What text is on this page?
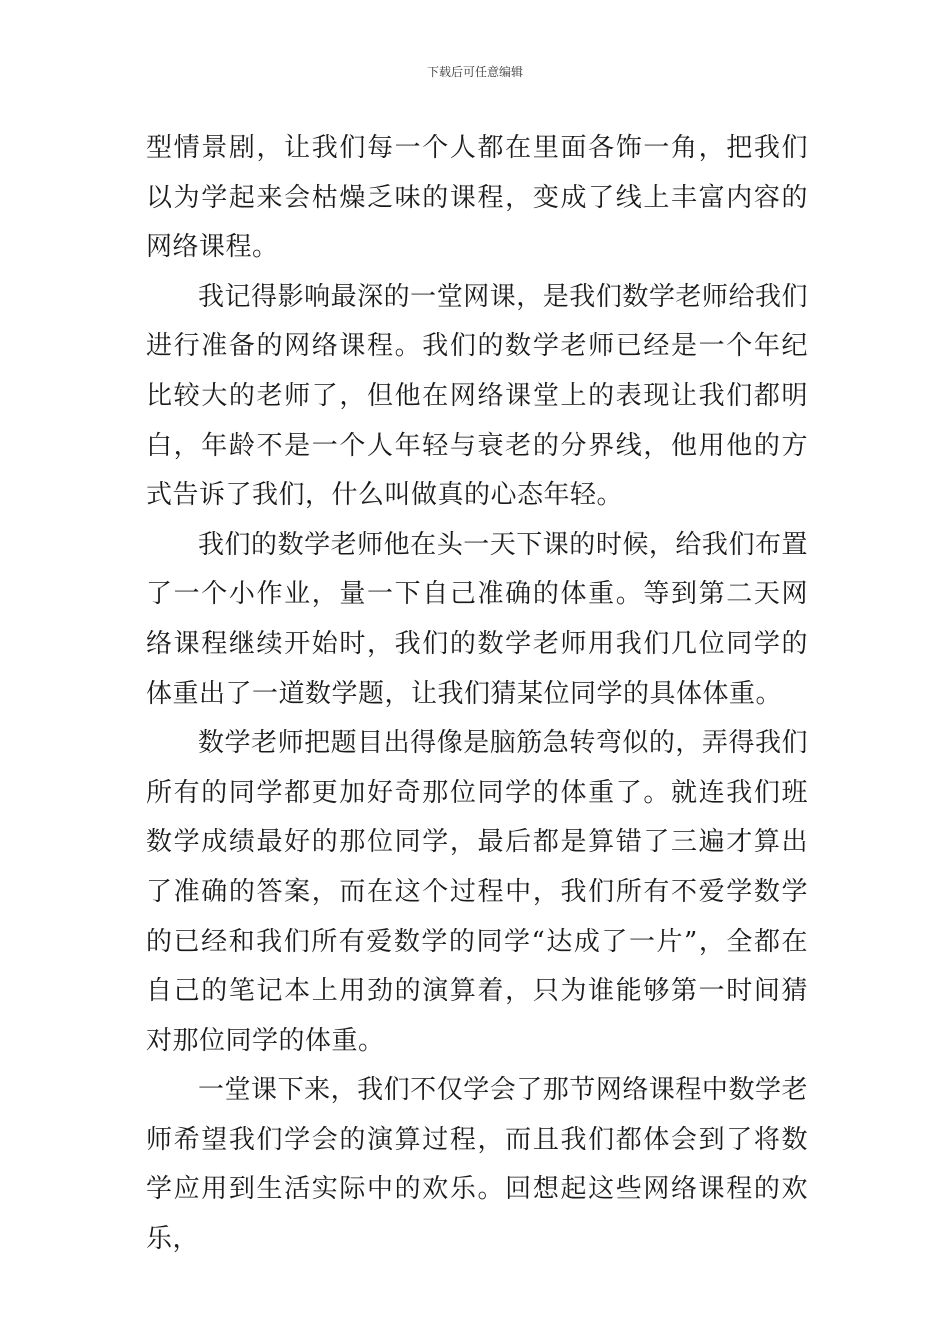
下载后可任意编辑

型情景剧，让我们每一个人都在里面各饰一角，把我们以为学起来会枯燥乏味的课程，变成了线上丰富内容的网络课程。

我记得影响最深的一堂网课，是我们数学老师给我们进行准备的网络课程。我们的数学老师已经是一个年纪比较大的老师了，但他在网络课堂上的表现让我们都明白，年龄不是一个人年轻与衰老的分界线，他用他的方式告诉了我们，什么叫做真的心态年轻。

我们的数学老师他在头一天下课的时候，给我们布置了一个小作业，量一下自己准确的体重。等到第二天网络课程继续开始时，我们的数学老师用我们几位同学的体重出了一道数学题，让我们猜某位同学的具体体重。

数学老师把题目出得像是脑筋急转弯似的，弄得我们所有的同学都更加好奇那位同学的体重了。就连我们班数学成绩最好的那位同学，最后都是算错了三遍才算出了准确的答案，而在这个过程中，我们所有不爱学数学的已经和我们所有爱数学的同学“达成了一片”，全都在自己的笔记本上用劲的演算着，只为谁能够第一时间猜对那位同学的体重。

一堂课下来，我们不仅学会了那节网络课程中数学老师希望我们学会的演算过程，而且我们都体会到了将数学应用到生活实际中的欢乐。回想起这些网络课程的欢乐，
